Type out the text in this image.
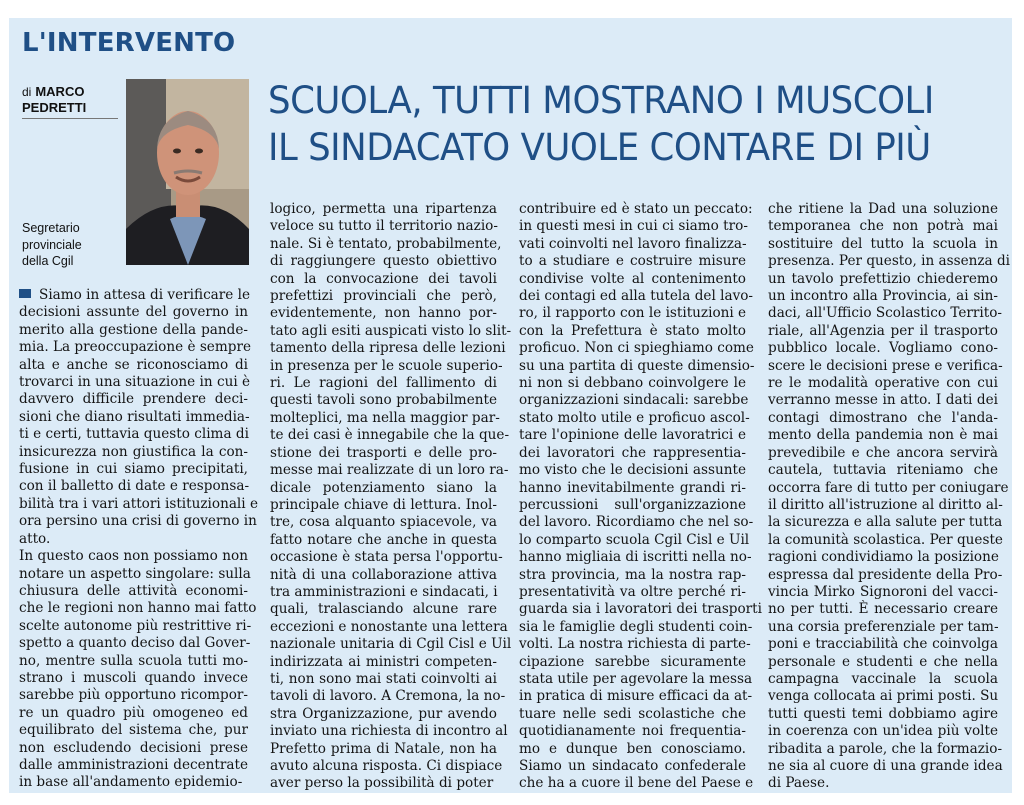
L'INTERVENTO
di MARCO
PEDRETTI
Segretario
provinciale
della Cgil
SCUOLA, TUTTI MOSTRANO I MUSCOLI
IL SINDACATO VUOLE CONTARE DI PIÙ
Siamo in attesa di verificare le
decisioni assunte del governo in
merito alla gestione della pande-
mia. La preoccupazione è sempre
alta e anche se riconosciamo di
trovarci in una situazione in cui è
davvero difficile prendere deci-
sioni che diano risultati immedia-
ti e certi, tuttavia questo clima di
insicurezza non giustifica la con-
fusione in cui siamo precipitati,
con il balletto di date e responsa-
bilità tra i vari attori istituzionali e
ora persino una crisi di governo in
atto.
In questo caos non possiamo non
notare un aspetto singolare: sulla
chiusura delle attività economi-
che le regioni non hanno mai fatto
scelte autonome più restrittive ri-
spetto a quanto deciso dal Gover-
no, mentre sulla scuola tutti mo-
strano i muscoli quando invece
sarebbe più opportuno ricompor-
re un quadro più omogeneo ed
equilibrato del sistema che, pur
non escludendo decisioni prese
dalle amministrazioni decentrate
in base all'andamento epidemio-
logico, permetta una ripartenza
veloce su tutto il territorio nazio-
nale. Si è tentato, probabilmente,
di raggiungere questo obiettivo
con la convocazione dei tavoli
prefettizi provinciali che però,
evidentemente, non hanno por-
tato agli esiti auspicati visto lo slit-
tamento della ripresa delle lezioni
in presenza per le scuole superio-
ri. Le ragioni del fallimento di
questi tavoli sono probabilmente
molteplici, ma nella maggior par-
te dei casi è innegabile che la que-
stione dei trasporti e delle pro-
messe mai realizzate di un loro ra-
dicale potenziamento siano la
principale chiave di lettura. Inol-
tre, cosa alquanto spiacevole, va
fatto notare che anche in questa
occasione è stata persa l'opportu-
nità di una collaborazione attiva
tra amministrazioni e sindacati, i
quali, tralasciando alcune rare
eccezioni e nonostante una lettera
nazionale unitaria di Cgil Cisl e Uil
indirizzata ai ministri competen-
ti, non sono mai stati coinvolti ai
tavoli di lavoro. A Cremona, la no-
stra Organizzazione, pur avendo
inviato una richiesta di incontro al
Prefetto prima di Natale, non ha
avuto alcuna risposta. Ci dispiace
aver perso la possibilità di poter
contribuire ed è stato un peccato:
in questi mesi in cui ci siamo tro-
vati coinvolti nel lavoro finalizza-
to a studiare e costruire misure
condivise volte al contenimento
dei contagi ed alla tutela del lavo-
ro, il rapporto con le istituzioni e
con la Prefettura è stato molto
proficuo. Non ci spieghiamo come
su una partita di queste dimensio-
ni non si debbano coinvolgere le
organizzazioni sindacali: sarebbe
stato molto utile e proficuo ascol-
tare l'opinione delle lavoratrici e
dei lavoratori che rappresentia-
mo visto che le decisioni assunte
hanno inevitabilmente grandi ri-
percussioni sull'organizzazione
del lavoro. Ricordiamo che nel so-
lo comparto scuola Cgil Cisl e Uil
hanno migliaia di iscritti nella no-
stra provincia, ma la nostra rap-
presentatività va oltre perché ri-
guarda sia i lavoratori dei trasporti
sia le famiglie degli studenti coin-
volti. La nostra richiesta di parte-
cipazione sarebbe sicuramente
stata utile per agevolare la messa
in pratica di misure efficaci da at-
tuare nelle sedi scolastiche che
quotidianamente noi frequentia-
mo e dunque ben conosciamo.
Siamo un sindacato confederale
che ha a cuore il bene del Paese e
che ritiene la Dad una soluzione
temporanea che non potrà mai
sostituire del tutto la scuola in
presenza. Per questo, in assenza di
un tavolo prefettizio chiederemo
un incontro alla Provincia, ai sin-
daci, all'Ufficio Scolastico Territo-
riale, all'Agenzia per il trasporto
pubblico locale. Vogliamo cono-
scere le decisioni prese e verifica-
re le modalità operative con cui
verranno messe in atto. I dati dei
contagi dimostrano che l'anda-
mento della pandemia non è mai
prevedibile e che ancora servirà
cautela, tuttavia riteniamo che
occorra fare di tutto per coniugare
il diritto all'istruzione al diritto al-
la sicurezza e alla salute per tutta
la comunità scolastica. Per queste
ragioni condividiamo la posizione
espressa dal presidente della Pro-
vincia Mirko Signoroni del vacci-
no per tutti. È necessario creare
una corsia preferenziale per tam-
poni e tracciabilità che coinvolga
personale e studenti e che nella
campagna vaccinale la scuola
venga collocata ai primi posti. Su
tutti questi temi dobbiamo agire
in coerenza con un'idea più volte
ribadita a parole, che la formazio-
ne sia al cuore di una grande idea
di Paese.
